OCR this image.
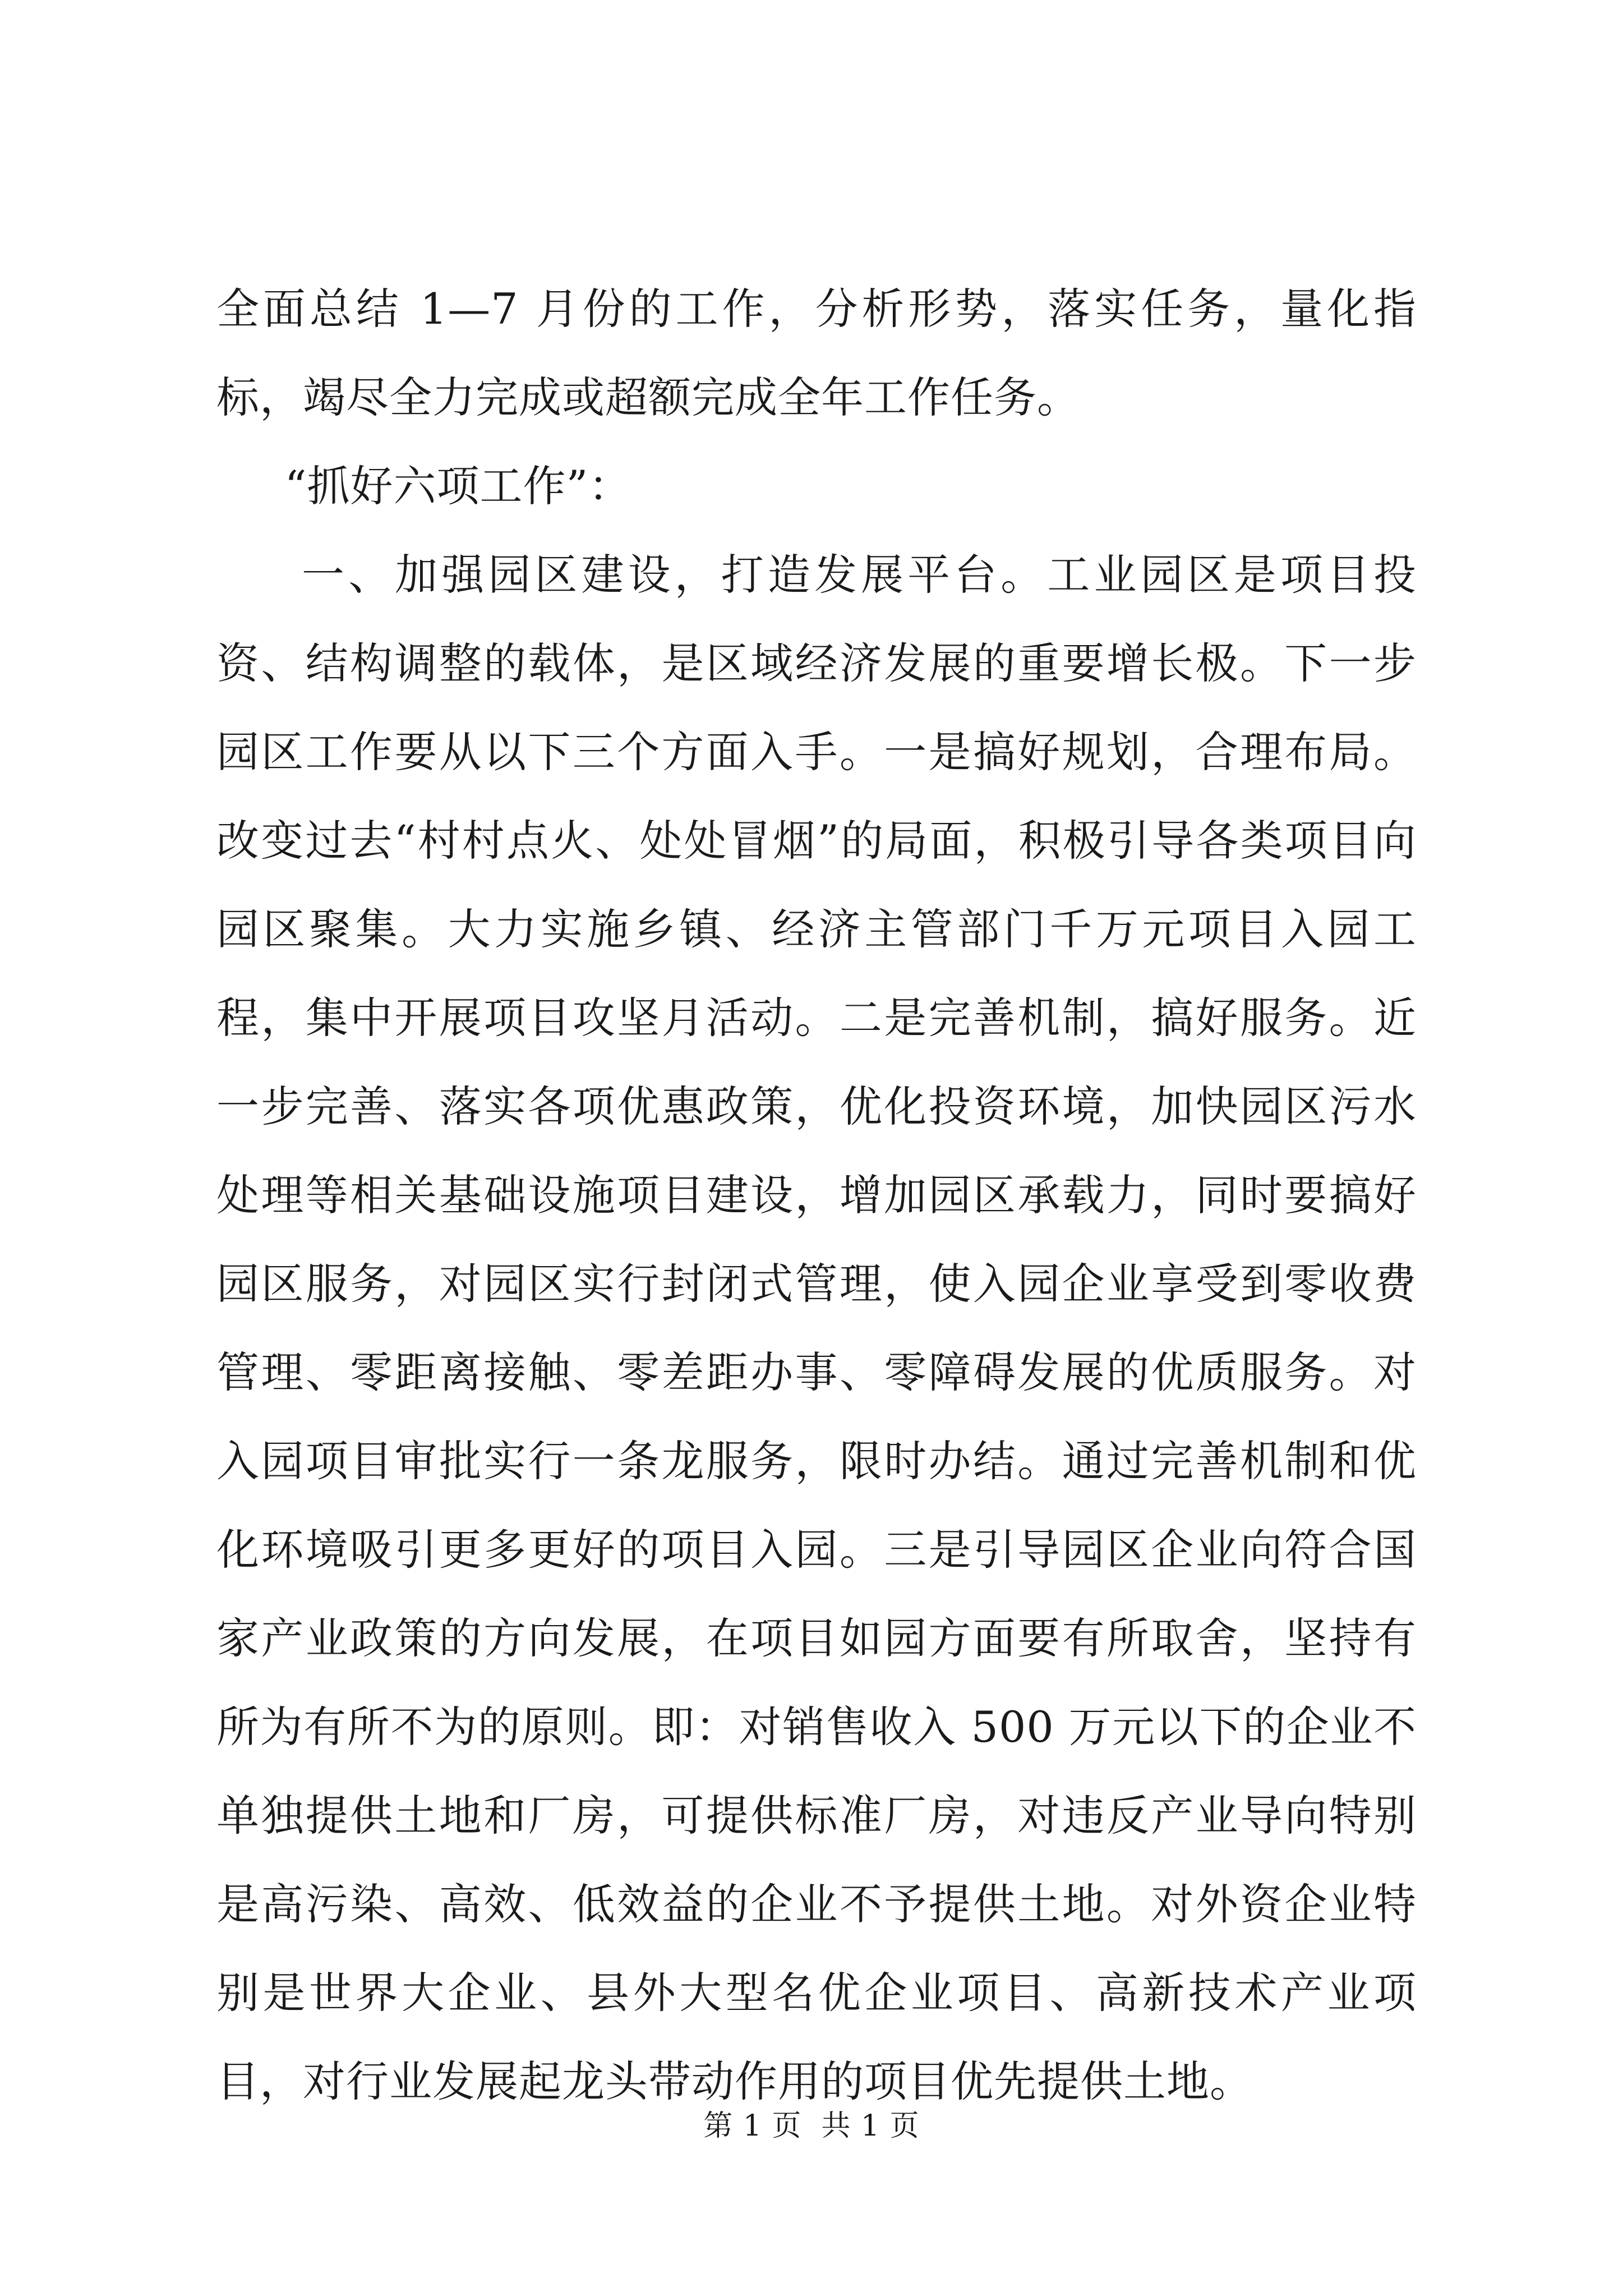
全面总结 1—7 月份的工作，分析形势，落实任务，量化指标，竭尽全力完成或超额完成全年工作任务。

“抓好六项工作”：

一、加强园区建设，打造发展平台。工业园区是项目投资、结构调整的载体，是区域经济发展的重要增长极。下一步园区工作要从以下三个方面入手。一是搞好规划，合理布局。改变过去“村村点火、处处冒烟”的局面，积极引导各类项目向园区聚集。大力实施乡镇、经济主管部门千万元项目入园工程，集中开展项目攻坚月活动。二是完善机制，搞好服务。近一步完善、落实各项优惠政策，优化投资环境，加快园区污水处理等相关基础设施项目建设，增加园区承载力，同时要搞好园区服务，对园区实行封闭式管理，使入园企业享受到零收费管理、零距离接触、零差距办事、零障碍发展的优质服务。对入园项目审批实行一条龙服务，限时办结。通过完善机制和优化环境吸引更多更好的项目入园。三是引导园区企业向符合国家产业政策的方向发展，在项目如园方面要有所取舍，坚持有所为有所不为的原则。即：对销售收入 500 万元以下的企业不单独提供土地和厂房，可提供标准厂房，对违反产业导向特别是高污染、高效、低效益的企业不予提供土地。对外资企业特别是世界大企业、县外大型名优企业项目、高新技术产业项目，对行业发展起龙头带动作用的项目优先提供土地。

第 1 页  共 1 页
